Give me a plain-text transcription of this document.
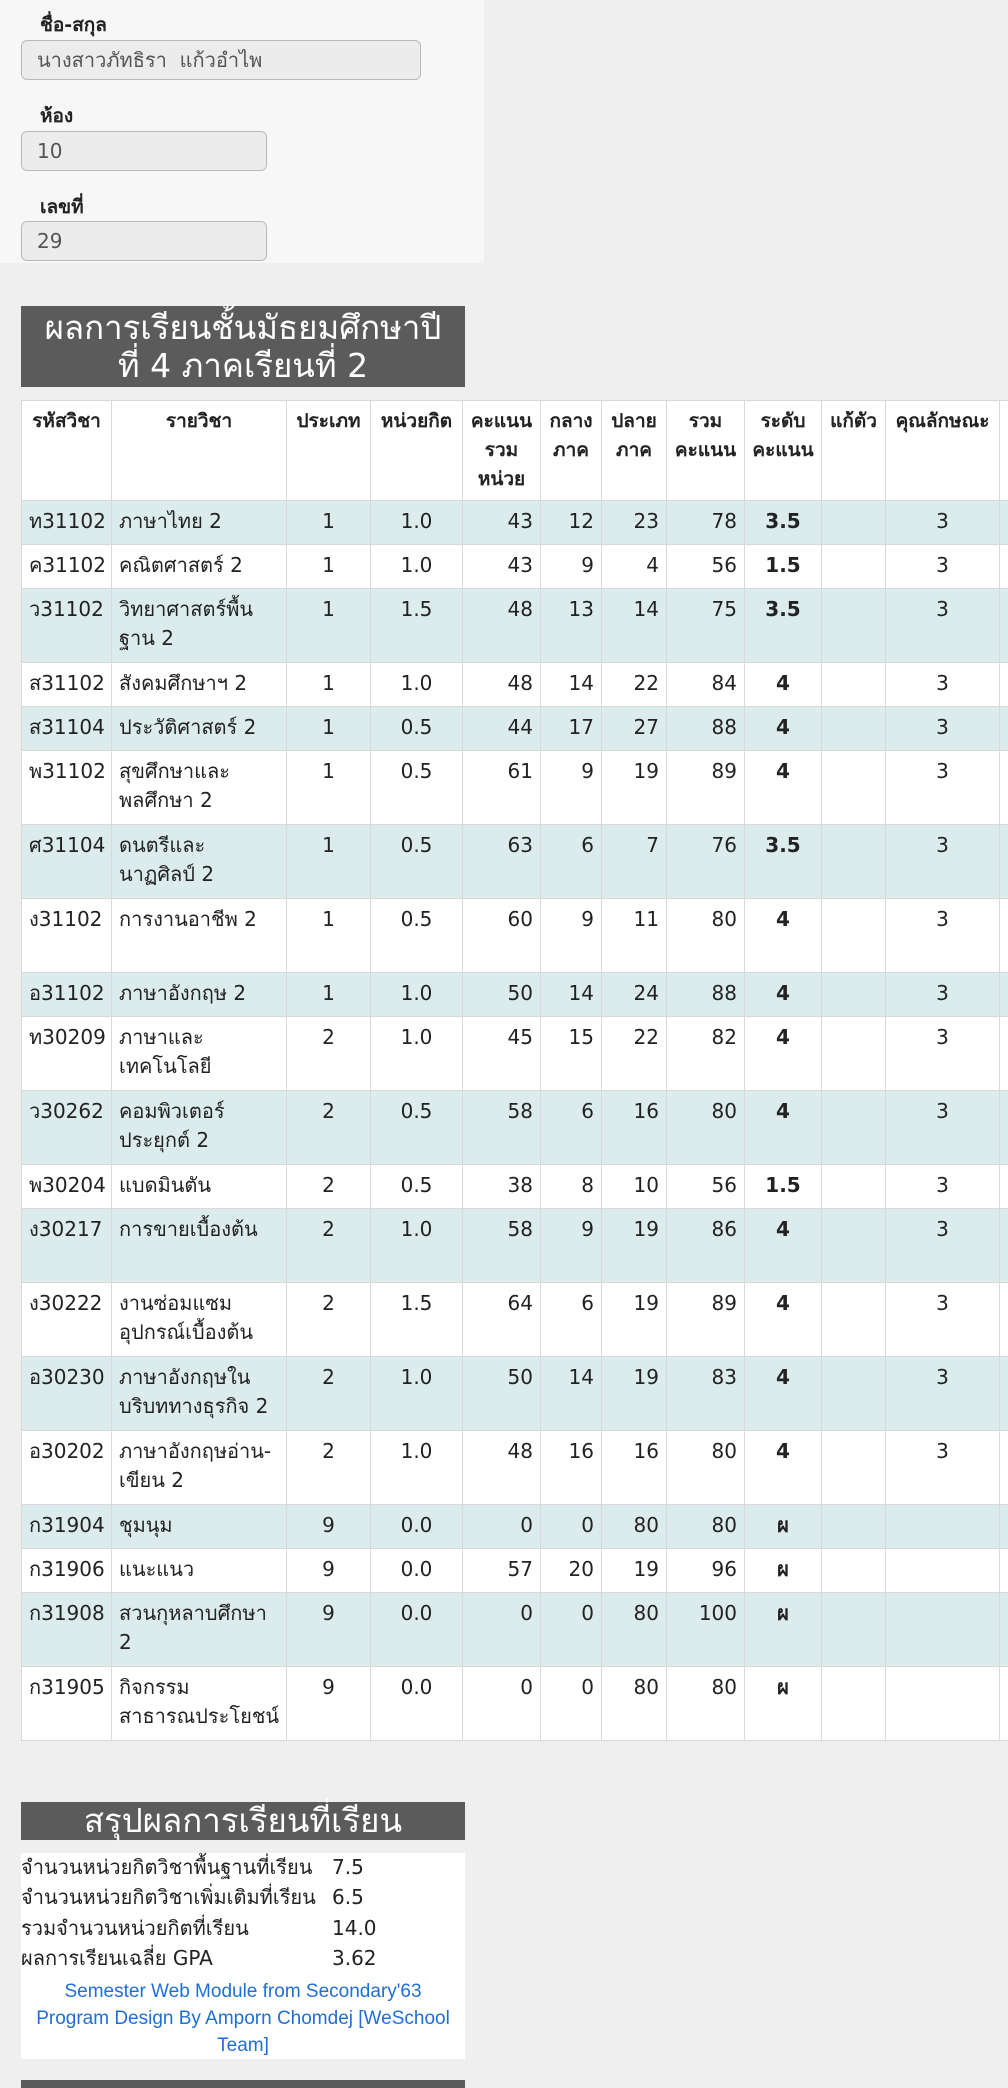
ชื่อ-สกุล
นางสาวภัทธิรา แก้วอำไพ
ห้อง
10
เลขที่
29
ผลการเรียนชั้นมัธยมศึกษาปี
ที่ 4 ภาคเรียนที่ 2
รหัสวิชา	รายวิชา	ประเภท	หน่วยกิต	คะแนนรวมหน่วย	กลางภาค	ปลายภาค	รวมคะแนน	ระดับคะแนน	แก้ตัว	คุณลักษณะ	
ท31102	ภาษาไทย 2	1	1.0	43	12	23	78	3.5		3	
ค31102	คณิตศาสตร์ 2	1	1.0	43	9	4	56	1.5		3	
ว31102	วิทยาศาสตร์พื้นฐาน 2	1	1.5	48	13	14	75	3.5		3	
ส31102	สังคมศึกษาฯ 2	1	1.0	48	14	22	84	4		3	
ส31104	ประวัติศาสตร์ 2	1	0.5	44	17	27	88	4		3	
พ31102	สุขศึกษาและพลศึกษา 2	1	0.5	61	9	19	89	4		3	
ศ31104	ดนตรีและนาฏศิลป์ 2	1	0.5	63	6	7	76	3.5		3	
ง31102	การงานอาชีพ 2	1	0.5	60	9	11	80	4		3	
อ31102	ภาษาอังกฤษ 2	1	1.0	50	14	24	88	4		3	
ท30209	ภาษาและเทคโนโลยี	2	1.0	45	15	22	82	4		3	
ว30262	คอมพิวเตอร์ประยุกต์ 2	2	0.5	58	6	16	80	4		3	
พ30204	แบดมินตัน	2	0.5	38	8	10	56	1.5		3	
ง30217	การขายเบื้องต้น	2	1.0	58	9	19	86	4		3	
ง30222	งานซ่อมแซมอุปกรณ์เบื้องต้น	2	1.5	64	6	19	89	4		3	
อ30230	ภาษาอังกฤษในบริบททางธุรกิจ 2	2	1.0	50	14	19	83	4		3	
อ30202	ภาษาอังกฤษอ่าน-เขียน 2	2	1.0	48	16	16	80	4		3	
ก31904	ชุมนุม	9	0.0	0	0	80	80	ผ			
ก31906	แนะแนว	9	0.0	57	20	19	96	ผ			
ก31908	สวนกุหลาบศึกษา 2	9	0.0	0	0	80	100	ผ			
ก31905	กิจกรรมสาธารณประโยชน์	9	0.0	0	0	80	80	ผ			
สรุปผลการเรียนที่เรียน
จำนวนหน่วยกิตวิชาพื้นฐานที่เรียน 7.5
จำนวนหน่วยกิตวิชาเพิ่มเติมที่เรียน 6.5
รวมจำนวนหน่วยกิตที่เรียน	14.0
ผลการเรียนเฉลี่ย GPA	3.62
Semester Web Module from Secondary'63
Program Design By Amporn Chomdej [WeSchool Team]
